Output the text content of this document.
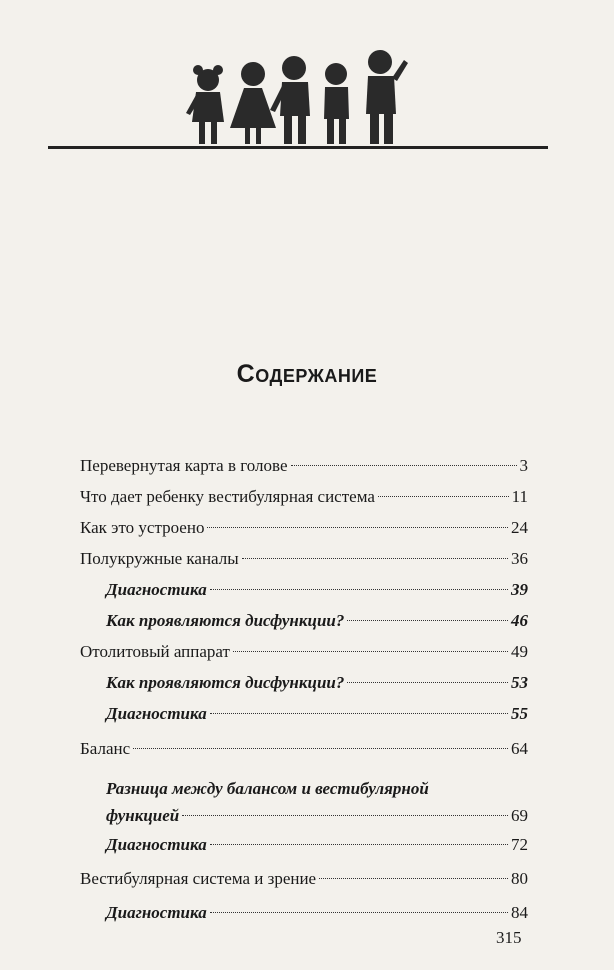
Содержание
Перевернутая карта в голове	3
Что дает ребенку вестибулярная система	11
Как это устроено	24
Полукружные каналы	36
Диагностика	39
Как проявляются дисфункции?	46
Отолитовый аппарат	49
Как проявляются дисфункции?	53
Диагностика	55
Баланс	64
Разница между балансом и вестибулярной
функцией	69
Диагностика	72
Вестибулярная система и зрение	80
Диагностика	84
315
